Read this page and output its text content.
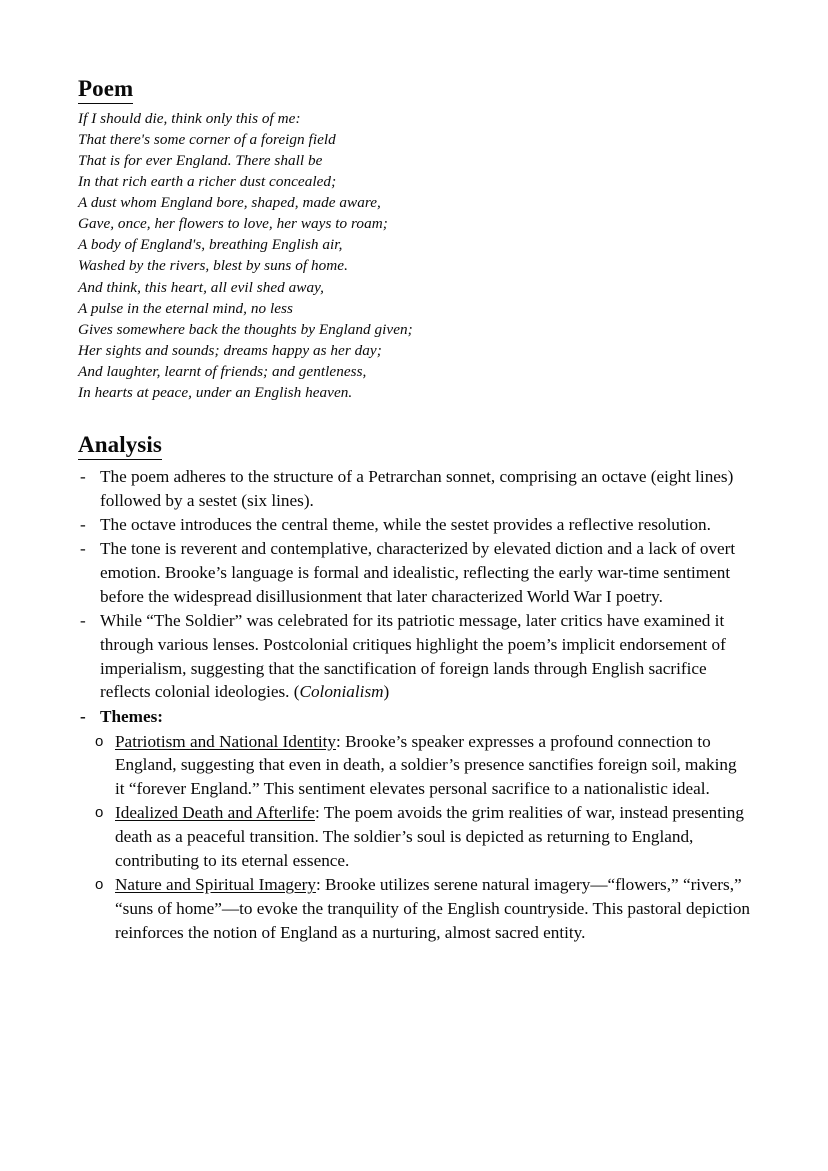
Poem
If I should die, think only this of me:
That there's some corner of a foreign field
That is for ever England. There shall be
In that rich earth a richer dust concealed;
A dust whom England bore, shaped, made aware,
Gave, once, her flowers to love, her ways to roam;
A body of England's, breathing English air,
Washed by the rivers, blest by suns of home.
And think, this heart, all evil shed away,
A pulse in the eternal mind, no less
Gives somewhere back the thoughts by England given;
Her sights and sounds; dreams happy as her day;
And laughter, learnt of friends; and gentleness,
In hearts at peace, under an English heaven.
Analysis
- The poem adheres to the structure of a Petrarchan sonnet, comprising an octave (eight lines) followed by a sestet (six lines).
- The octave introduces the central theme, while the sestet provides a reflective resolution.
- The tone is reverent and contemplative, characterized by elevated diction and a lack of overt emotion. Brooke’s language is formal and idealistic, reflecting the early war-time sentiment before the widespread disillusionment that later characterized World War I poetry.
- While “The Soldier” was celebrated for its patriotic message, later critics have examined it through various lenses. Postcolonial critiques highlight the poem’s implicit endorsement of imperialism, suggesting that the sanctification of foreign lands through English sacrifice reflects colonial ideologies. (Colonialism)
- Themes:
o Patriotism and National Identity: Brooke’s speaker expresses a profound connection to England, suggesting that even in death, a soldier’s presence sanctifies foreign soil, making it “forever England.” This sentiment elevates personal sacrifice to a nationalistic ideal.
o Idealized Death and Afterlife: The poem avoids the grim realities of war, instead presenting death as a peaceful transition. The soldier’s soul is depicted as returning to England, contributing to its eternal essence.
o Nature and Spiritual Imagery: Brooke utilizes serene natural imagery—“flowers,” “rivers,” “suns of home”—to evoke the tranquility of the English countryside. This pastoral depiction reinforces the notion of England as a nurturing, almost sacred entity.
